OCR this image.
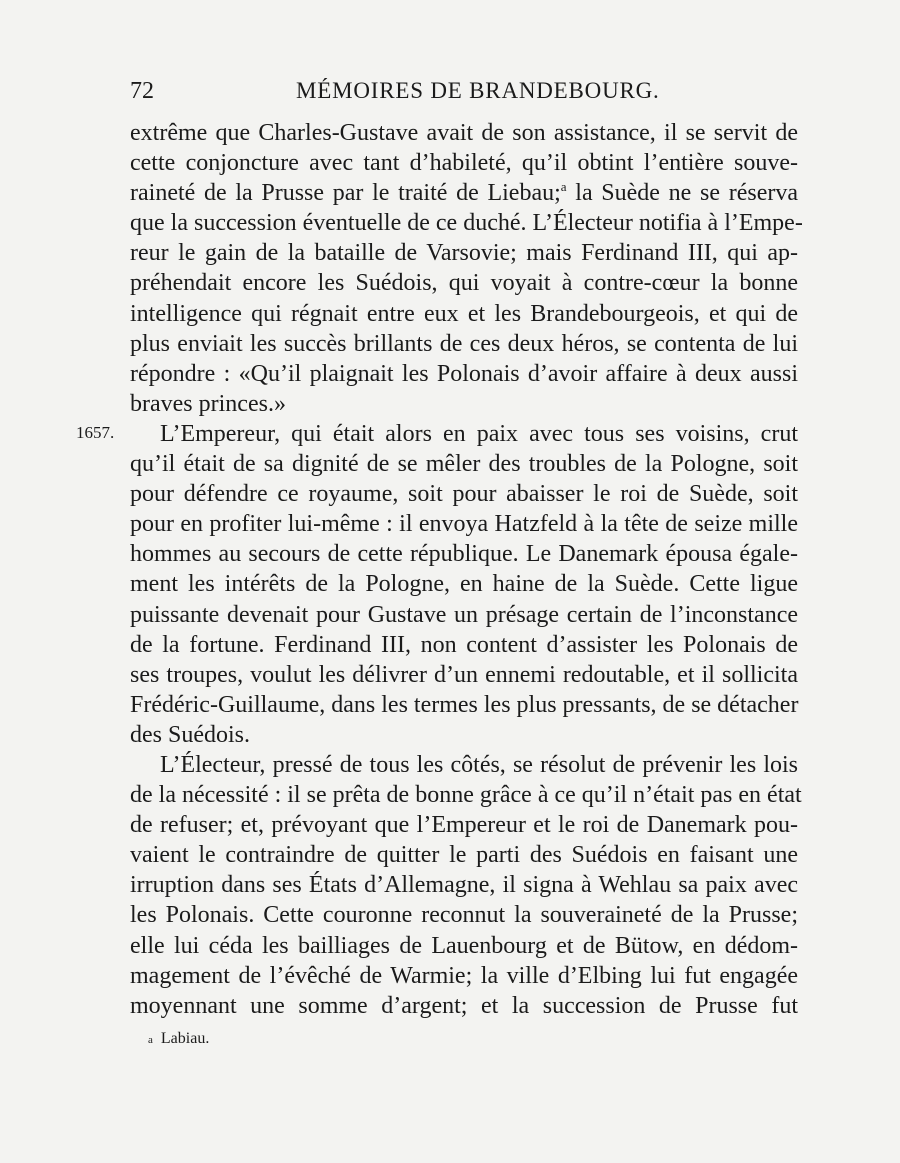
72	MÉMOIRES DE BRANDEBOURG.
1657.
extrême que Charles-Gustave avait de son assistance, il se servit de
cette conjoncture avec tant d’habileté, qu’il obtint l’entière souve-
raineté de la Prusse par le traité de Liebau;$^a$ la Suède ne se réserva
que la succession éventuelle de ce duché. L’Électeur notifia à l’Empe-
reur le gain de la bataille de Varsovie; mais Ferdinand III, qui ap-
préhendait encore les Suédois, qui voyait à contre-cœur la bonne
intelligence qui régnait entre eux et les Brandebourgeois, et qui de
plus enviait les succès brillants de ces deux héros, se contenta de lui
répondre : «Qu’il plaignait les Polonais d’avoir affaire à deux aussi
braves princes.»
L’Empereur, qui était alors en paix avec tous ses voisins, crut
qu’il était de sa dignité de se mêler des troubles de la Pologne, soit
pour défendre ce royaume, soit pour abaisser le roi de Suède, soit
pour en profiter lui-même : il envoya Hatzfeld à la tête de seize mille
hommes au secours de cette république. Le Danemark épousa égale-
ment les intérêts de la Pologne, en haine de la Suède. Cette ligue
puissante devenait pour Gustave un présage certain de l’inconstance
de la fortune. Ferdinand III, non content d’assister les Polonais de
ses troupes, voulut les délivrer d’un ennemi redoutable, et il sollicita
Frédéric-Guillaume, dans les termes les plus pressants, de se détacher
des Suédois.
L’Électeur, pressé de tous les côtés, se résolut de prévenir les lois
de la nécessité : il se prêta de bonne grâce à ce qu’il n’était pas en état
de refuser; et, prévoyant que l’Empereur et le roi de Danemark pou-
vaient le contraindre de quitter le parti des Suédois en faisant une
irruption dans ses États d’Allemagne, il signa à Wehlau sa paix avec
les Polonais. Cette couronne reconnut la souveraineté de la Prusse;
elle lui céda les bailliages de Lauenbourg et de Bütow, en dédom-
magement de l’évêché de Warmie; la ville d’Elbing lui fut engagée
moyennant une somme d’argent; et la succession de Prusse fut
a Labiau.
